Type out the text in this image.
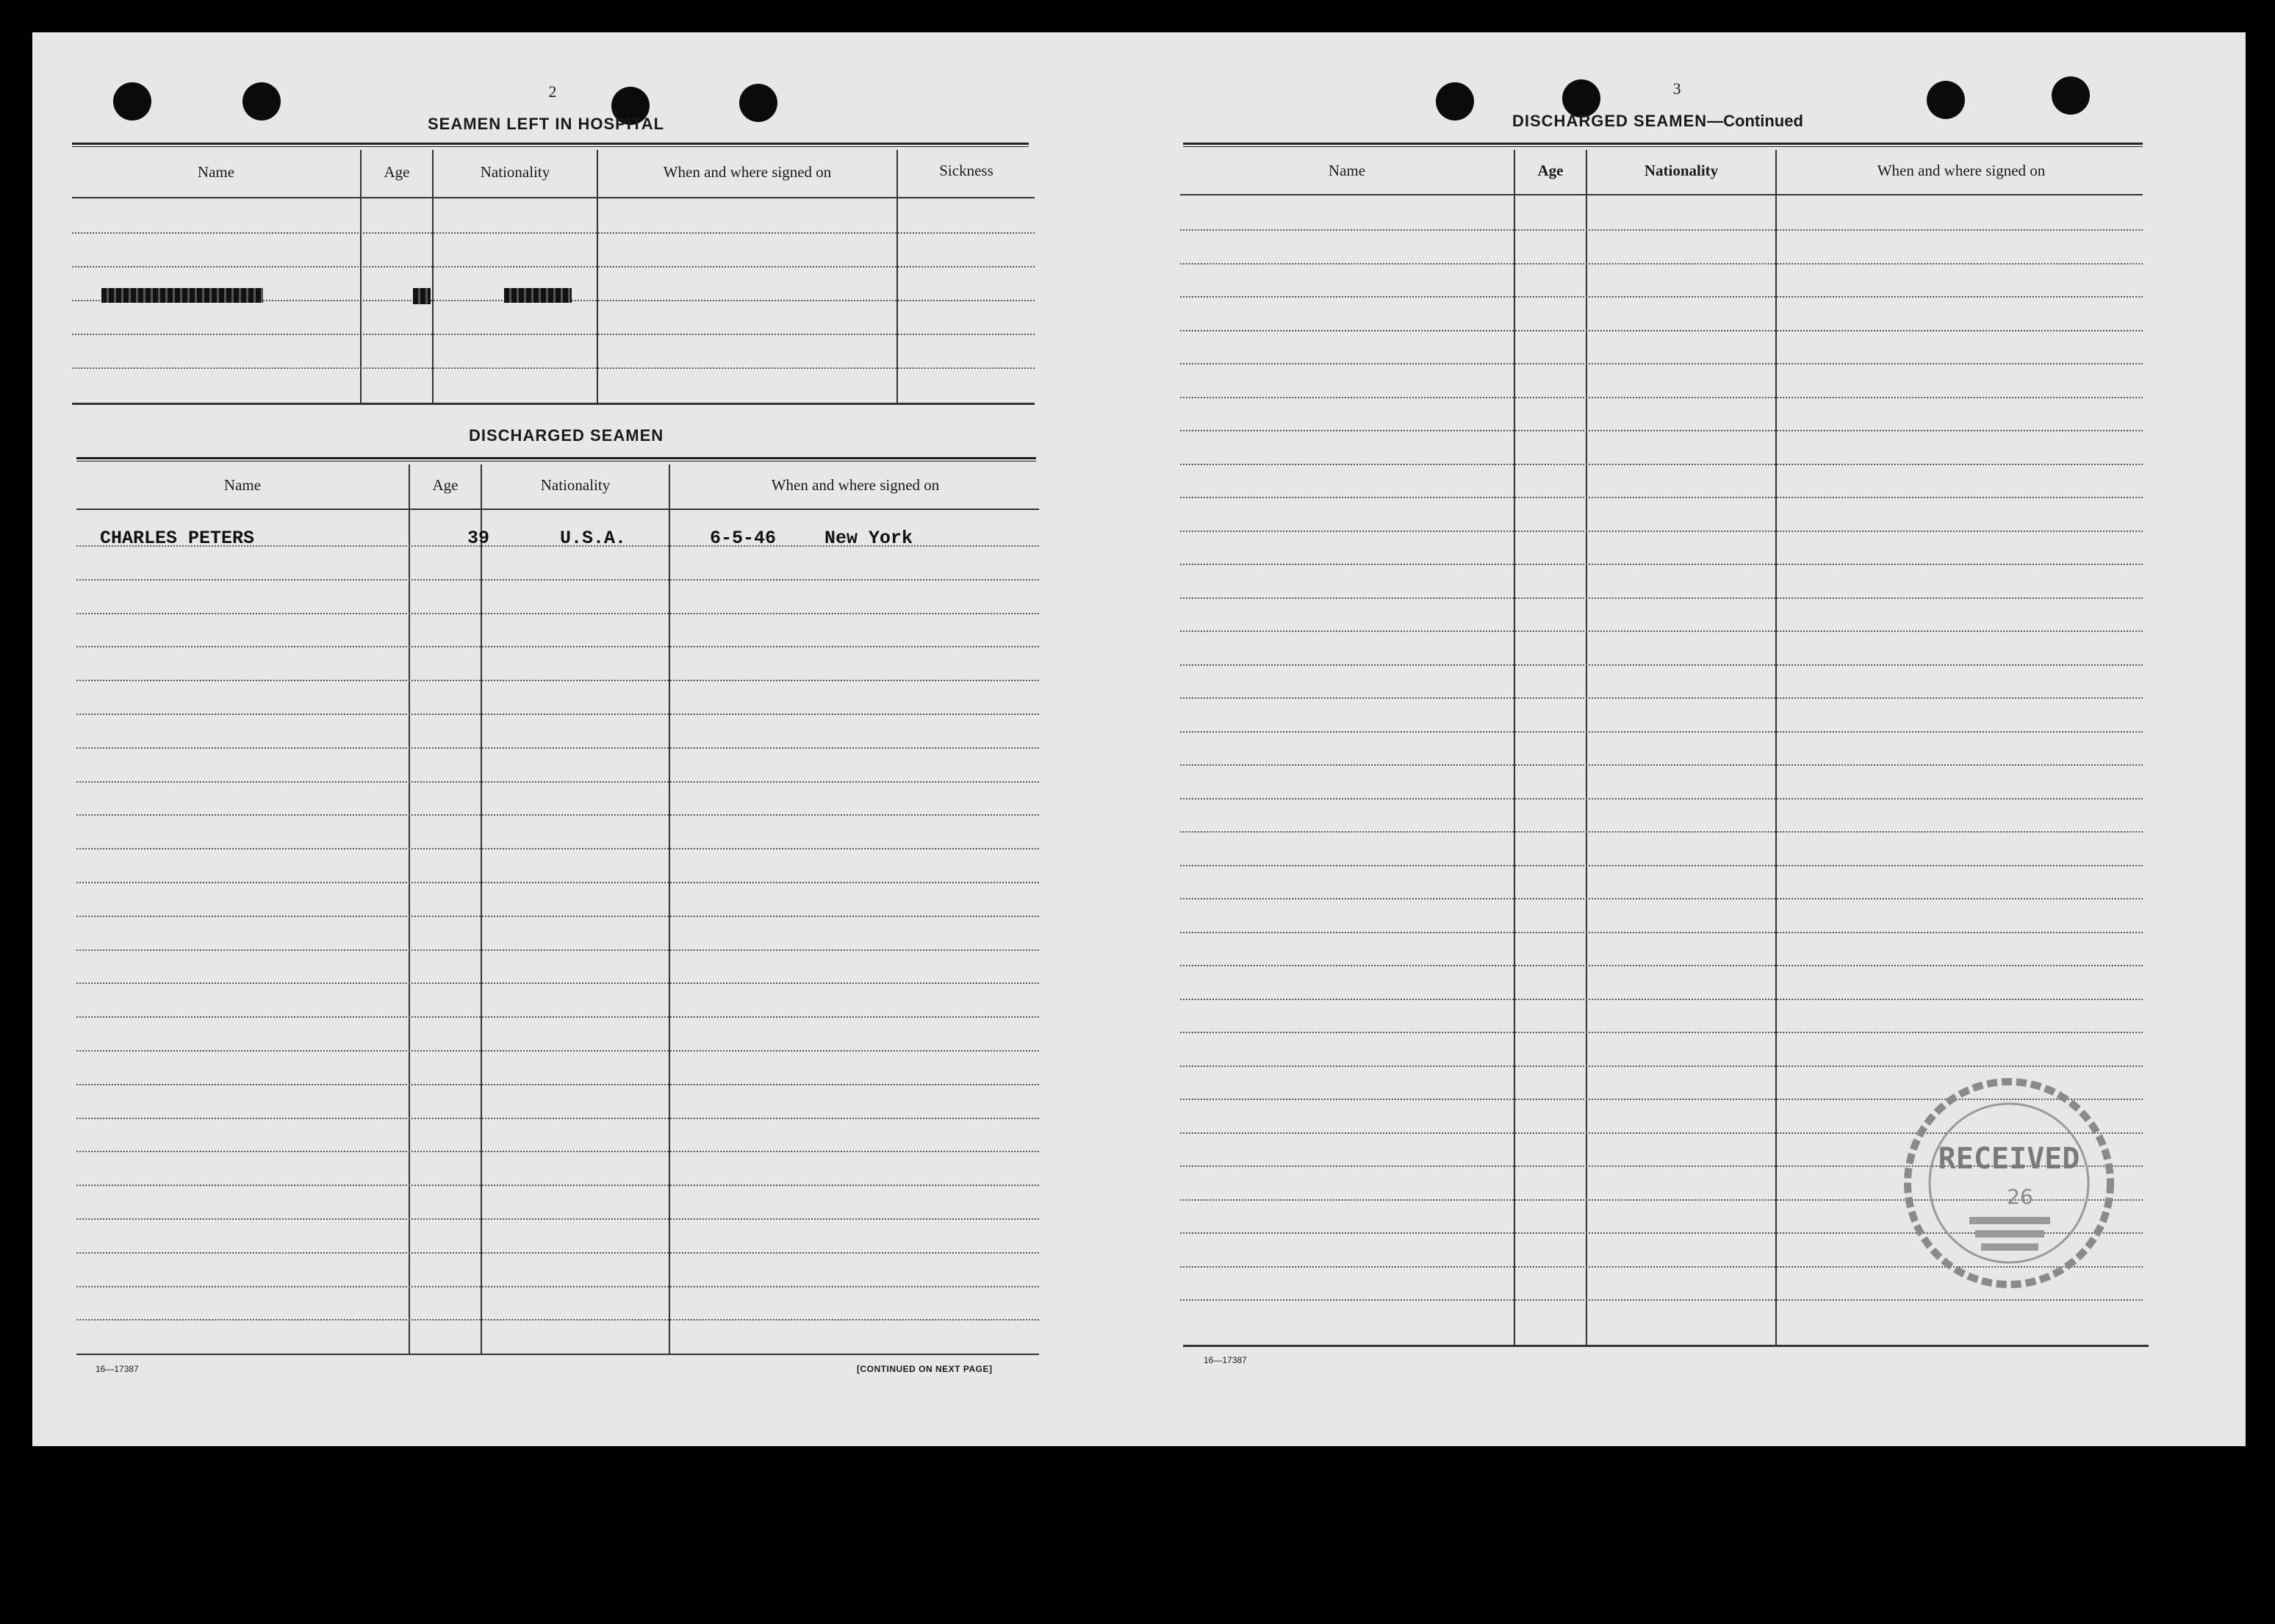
2
SEAMEN LEFT IN HOSPITAL
Name	Age	Nationality	When and where signed on	Sickness
DISCHARGED SEAMEN
Name	Age	Nationality	When and where signed on
CHARLES PETERS	39	U.S.A.	6-5-46	New York
16—17387	[CONTINUED ON NEXT PAGE]
3
DISCHARGED SEAMEN—Continued
Name	Age	Nationality	When and where signed on
16—17387
RECEIVED
26
